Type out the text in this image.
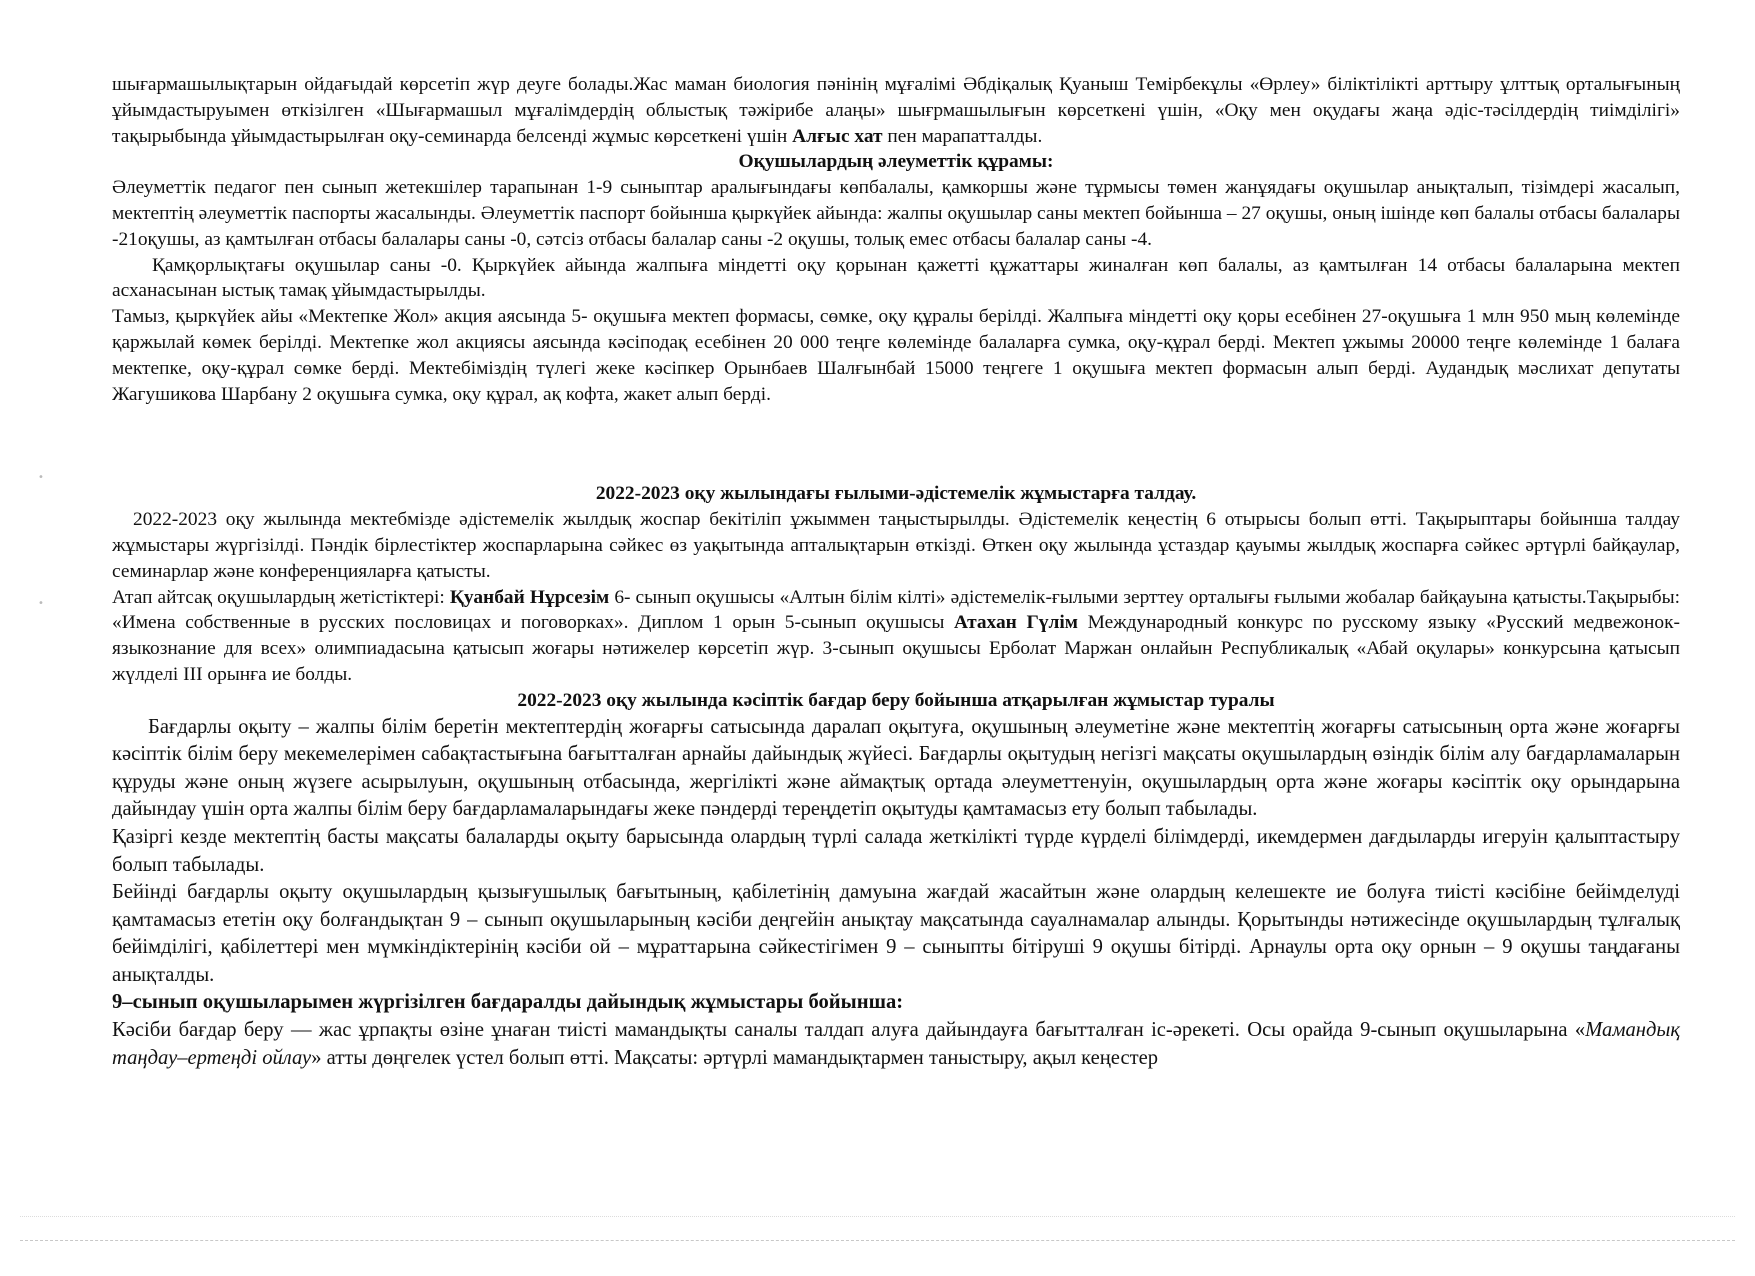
шығармашылықтарын ойдағыдай көрсетіп жүр деуге болады.Жас маман биология пәнінің мұғалімі Әбдіқалық Қуаныш Темірбекұлы «Өрлеу» біліктілікті арттыру ұлттық орталығының ұйымдастыруымен өткізілген «Шығармашыл мұғалімдердің облыстық тәжірибе алаңы» шығрмашылығын көрсеткені үшін, «Оқу мен оқудағы жаңа әдіс-тәсілдердің тиімділігі» тақырыбында ұйымдастырылған оқу-семинарда белсенді жұмыс көрсеткені үшін Алғыс хат пен марапатталды.

Оқушылардың әлеуметтік құрамы:

Әлеуметтік педагог пен сынып жетекшілер тарапынан 1-9 сыныптар аралығындағы көпбалалы, қамкоршы және тұрмысы төмен жанұядағы оқушылар анықталып, тізімдері жасалып, мектептің әлеуметтік паспорты жасалынды. Әлеуметтік паспорт бойынша қыркүйек айында: жалпы оқушылар саны мектеп бойынша – 27 оқушы, оның ішінде көп балалы отбасы балалары -21оқушы, аз қамтылған отбасы балалары саны -0, сәтсіз отбасы балалар саны -2 оқушы, толық емес отбасы балалар саны -4.

Қамқорлықтағы оқушылар саны -0. Қыркүйек айында жалпыға міндетті оқу қорынан қажетті құжаттары жиналған көп балалы, аз қамтылған 14 отбасы балаларына мектеп асханасынан ыстық тамақ ұйымдастырылды.

Тамыз, қыркүйек айы «Мектепке Жол» акция аясында 5- оқушыға мектеп формасы, сөмке, оқу құралы берілді. Жалпыға міндетті оқу қоры есебінен 27-оқушыға 1 млн 950 мың көлемінде қаржылай көмек берілді. Мектепке жол акциясы аясында кәсіподақ есебінен 20 000 теңге көлемінде балаларға сумка, оқу-құрал берді. Мектеп ұжымы 20000 теңге көлемінде 1 балаға мектепке, оқу-құрал сөмке берді. Мектебіміздің түлегі жеке кәсіпкер Орынбаев Шалғынбай 15000 теңгеге 1 оқушыға мектеп формасын алып берді. Аудандық мәслихат депутаты Жагушикова Шарбану 2 оқушыға сумка, оқу құрал, ақ кофта, жакет алып берді.

2022-2023 оқу жылындағы ғылыми-әдістемелік жұмыстарға талдау.

2022-2023 оқу жылында мектебмізде әдістемелік жылдық жоспар бекітіліп ұжыммен таңыстырылды. Әдістемелік кеңестің 6 отырысы болып өтті. Тақырыптары бойынша талдау жұмыстары жүргізілді. Пәндік бірлестіктер жоспарларына сәйкес өз уақытында апталықтарын өткізді. Өткен оқу жылында ұстаздар қауымы жылдық жоспарға сәйкес әртүрлі байқаулар, семинарлар және конференцияларға қатысты.

Атап айтсақ оқушылардың жетістіктері: Қуанбай Нұрсезім 6- сынып оқушысы «Алтын білім кілті» әдістемелік-ғылыми зерттеу орталығы ғылыми жобалар байқауына қатысты.Тақырыбы: «Имена собственные в русских пословицах и поговорках». Диплом 1 орын 5-сынып оқушысы Атахан Гүлім Международный конкурс по русскому языку «Русский медвежонок-языкознание для всех» олимпиадасына қатысып жоғары нәтижелер көрсетіп жүр. 3-сынып оқушысы Ерболат Маржан онлайын Республикалық «Абай оқулары» конкурсына қатысып жүлделі ІІІ орынға ие болды.

2022-2023 оқу жылында кәсіптік бағдар беру бойынша атқарылған жұмыстар туралы

Бағдарлы оқыту – жалпы білім беретін мектептердің жоғарғы сатысында даралап оқытуға, оқушының әлеуметіне және мектептің жоғарғы сатысының орта және жоғарғы кәсіптік білім беру мекемелерімен сабақтастығына бағытталған арнайы дайындық жүйесі. Бағдарлы оқытудың негізгі мақсаты оқушылардың өзіндік білім алу бағдарламаларын құруды және оның жүзеге асырылуын, оқушының отбасында, жергілікті және аймақтық ортада әлеуметтенуін, оқушылардың орта және жоғары кәсіптік оқу орындарына дайындау үшін орта жалпы білім беру бағдарламаларындағы жеке пәндерді тереңдетіп оқытуды қамтамасыз ету болып табылады.

Қазіргі кезде мектептің басты мақсаты балаларды оқыту барысында олардың түрлі салада жеткілікті түрде күрделі білімдерді, икемдермен дағдыларды игеруін қалыптастыру болып табылады.

Бейінді бағдарлы оқыту оқушылардың қызығушылық бағытының, қабілетінің дамуына жағдай жасайтын және олардың келешекте ие болуға тиісті кәсібіне бейімделуді қамтамасыз ететін оқу болғандықтан 9 – сынып оқушыларының кәсіби деңгейін анықтау мақсатында сауалнамалар алынды. Қорытынды нәтижесінде оқушылардың тұлғалық бейімділігі, қабілеттері мен мүмкіндіктерінің кәсіби ой – мұраттарына сәйкестігімен 9 – сыныпты бітіруші 9 оқушы бітірді. Арнаулы орта оқу орнын – 9 оқушы таңдағаны анықталды.

9–сынып оқушыларымен жүргізілген бағдаралды дайындық жұмыстары бойынша:

Кәсіби бағдар беру — жас ұрпақты өзіне ұнаған тиісті мамандықты саналы талдап алуға дайындауға бағытталған іс-әрекеті. Осы орайда 9-сынып оқушыларына «Мамандық таңдау–ертеңді ойлау» атты дөңгелек үстел болып өтті. Мақсаты: әртүрлі мамандықтармен таныстыру, ақыл кеңестер

•
•
